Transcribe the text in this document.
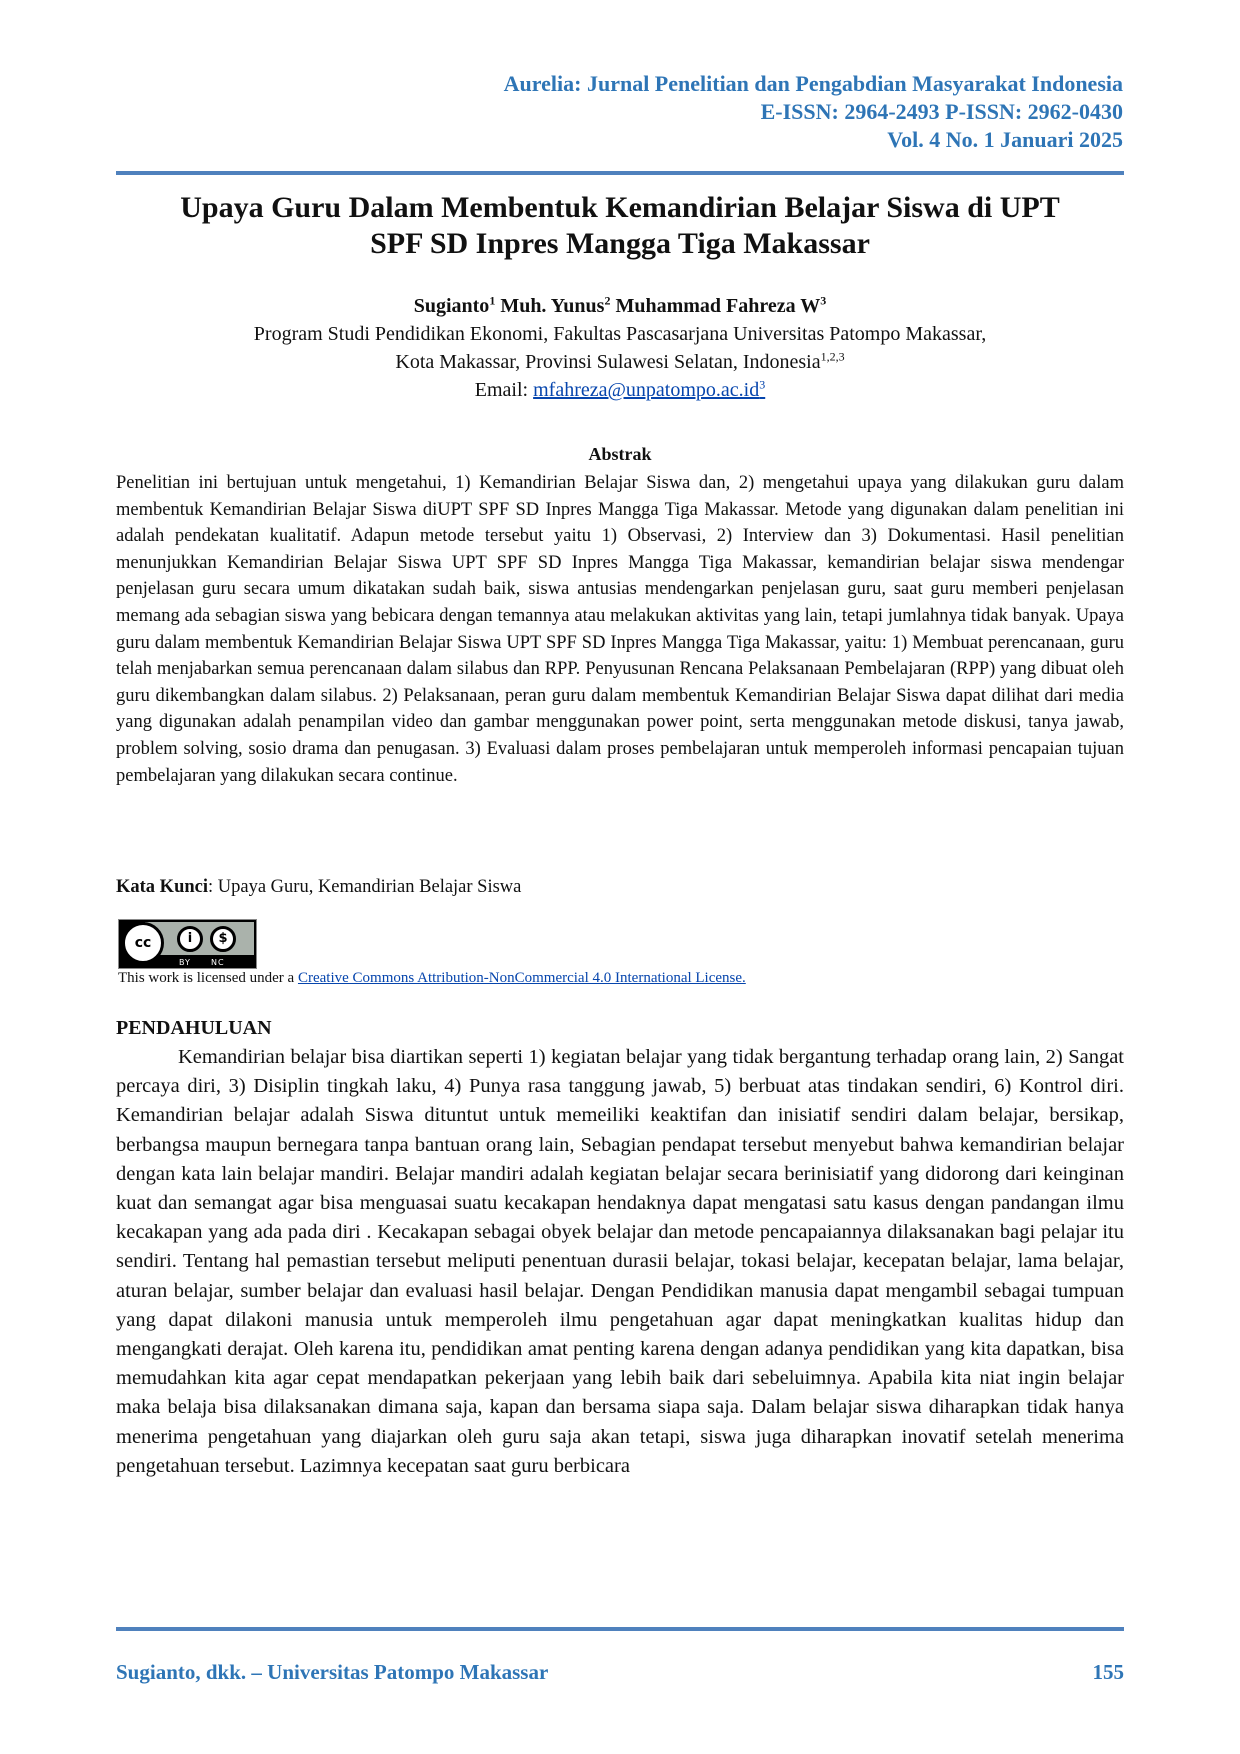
Aurelia: Jurnal Penelitian dan Pengabdian Masyarakat Indonesia
E-ISSN: 2964-2493 P-ISSN: 2962-0430
Vol. 4 No. 1 Januari 2025
Upaya Guru Dalam Membentuk Kemandirian Belajar Siswa di UPT
SPF SD Inpres Mangga Tiga Makassar
Sugianto$^1$ Muh. Yunus$^2$ Muhammad Fahreza $W^3$
Program Studi Pendidikan Ekonomi, Fakultas Pascasarjana Universitas Patompo Makassar,
Kota Makassar, Provinsi Sulawesi Selatan, Indonesia$^{1,2,3}$
Email: $mfahreza@unpatompo.ac.id^3$
Abstrak

Penelitian ini bertujuan untuk mengetahui, 1) Kemandirian Belajar Siswa dan, 2) mengetahui upaya yang dilakukan guru dalam membentuk Kemandirian Belajar Siswa diUPT SPF SD Inpres Mangga Tiga Makassar. Metode yang digunakan dalam penelitian ini adalah pendekatan kualitatif. Adapun metode tersebut yaitu 1) Observasi, 2) Interview dan 3) Dokumentasi. Hasil penelitian menunjukkan Kemandirian Belajar Siswa UPT SPF SD Inpres Mangga Tiga Makassar, kemandirian belajar siswa mendengar penjelasan guru secara umum dikatakan sudah baik, siswa antusias mendengarkan penjelasan guru, saat guru memberi penjelasan memang ada sebagian siswa yang bebicara dengan temannya atau melakukan aktivitas yang lain, tetapi jumlahnya tidak banyak. Upaya guru dalam membentuk Kemandirian Belajar Siswa UPT SPF SD Inpres Mangga Tiga Makassar, yaitu: 1) Membuat perencanaan, guru telah menjabarkan semua perencanaan dalam silabus dan RPP. Penyusunan Rencana Pelaksanaan Pembelajaran (RPP) yang dibuat oleh guru dikembangkan dalam silabus. 2) Pelaksanaan, peran guru dalam membentuk Kemandirian Belajar Siswa dapat dilihat dari media yang digunakan adalah penampilan video dan gambar menggunakan power point, serta menggunakan metode diskusi, tanya jawab, problem solving, sosio drama dan penugasan. 3) Evaluasi dalam proses pembelajaran untuk memperoleh informasi pencapaian tujuan pembelajaran yang dilakukan secara continue.

Kata Kunci: Upaya Guru, Kemandirian Belajar Siswa
cc	i	$
BY	NC
This work is licensed under a Creative Commons Attribution-NonCommercial 4.0 International License.
PENDAHULUAN

Kemandirian belajar bisa diartikan seperti 1) kegiatan belajar yang tidak bergantung terhadap orang lain, 2) Sangat percaya diri, 3) Disiplin tingkah laku, 4) Punya rasa tanggung jawab, 5) berbuat atas tindakan sendiri, 6) Kontrol diri. Kemandirian belajar adalah Siswa dituntut untuk memeiliki keaktifan dan inisiatif sendiri dalam belajar, bersikap, berbangsa maupun bernegara tanpa bantuan orang lain, Sebagian pendapat tersebut menyebut bahwa kemandirian belajar dengan kata lain belajar mandiri. Belajar mandiri adalah kegiatan belajar secara berinisiatif yang didorong dari keinginan kuat dan semangat agar bisa menguasai suatu kecakapan hendaknya dapat mengatasi satu kasus dengan pandangan ilmu kecakapan yang ada pada diri . Kecakapan sebagai obyek belajar dan metode pencapaiannya dilaksanakan bagi pelajar itu sendiri. Tentang hal pemastian tersebut meliputi penentuan durasii belajar, tokasi belajar, kecepatan belajar, lama belajar, aturan belajar, sumber belajar dan evaluasi hasil belajar. Dengan Pendidikan manusia dapat mengambil sebagai tumpuan yang dapat dilakoni manusia untuk memperoleh ilmu pengetahuan agar dapat meningkatkan kualitas hidup dan mengangkati derajat. Oleh karena itu, pendidikan amat penting karena dengan adanya pendidikan yang kita dapatkan, bisa memudahkan kita agar cepat mendapatkan pekerjaan yang lebih baik dari sebeluimnya. Apabila kita niat ingin belajar maka belaja bisa dilaksanakan dimana saja, kapan dan bersama siapa saja. Dalam belajar siswa diharapkan tidak hanya menerima pengetahuan yang diajarkan oleh guru saja akan tetapi, siswa juga diharapkan inovatif setelah menerima pengetahuan tersebut. Lazimnya kecepatan saat guru berbicara

Sugianto, dkk. – Universitas Patompo Makassar	155
